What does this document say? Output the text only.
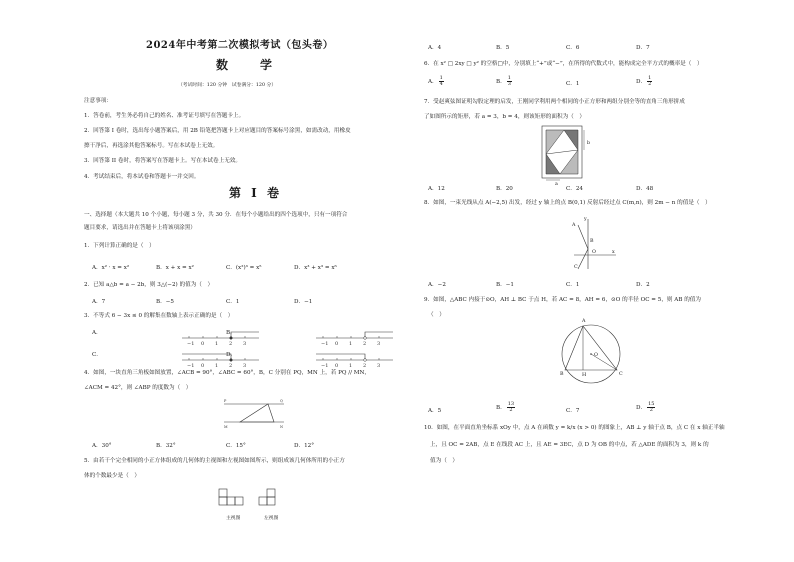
2024年中考第二次模拟考试（包头卷）
数　学
（考试时间：120 分钟　试卷满分：120 分）
注意事项：
1．答卷前，考生务必将自己的姓名、准考证号填写在答题卡上。
2．回答第 I 卷时，选出每小题答案后，用 2B 铅笔把答题卡上对应题目的答案标号涂黑，如需改动，用橡皮
擦干净后，再选涂其他答案标号。写在本试卷上无效。
3．回答第 II 卷时，将答案写在答题卡上。写在本试卷上无效。
4．考试结束后，将本试卷和答题卡一并交回。
第 I 卷
一、选择题（本大题共 10 个小题，每小题 3 分，共 30 分．在每个小题给出的四个选项中，只有一项符合
题目要求，请选出并在答题卡上将该项涂黑）
1．下列计算正确的是（　）
A．x² · x = x²	B．x + x = x²	C．(x²)³ = x⁵	D．x³ + x³ = x⁶
2．已知 a△b = a − 2b，则 3△(−2) 的值为（　）
A．7	B．−5	C．1	D．−1
3．不等式 6 − 3x ≤ 0 的解集在数轴上表示正确的是（　）
A．	B．
C．	D．
−1 0 1 2 3	−1 0 1 2 3
−1 0 1 2 3	−1 0 1 2 3
4．如图，一块直角三角板如图放置，∠ACB = 90°，∠ABC = 60°，B，C 分别在 PQ，MN 上，若 PQ // MN，
∠ACM = 42°，则 ∠ABP 的度数为（　）
P	Q
M	N
A．30°	B．32°	C．15°	D．12°
5．由若干个完全相同的小正方体组成的几何体的主视图和左视图如图所示，则组成该几何体所用的小正方
体的个数最少是（　）
主视图	左视图
A．4	B．5	C．6	D．7
6．在 x² □ 2xy □ y² 的空格□中，分别填上“+”或“−”，在所得的代数式中，能构成完全平方式的概率是（　）
A． $\frac{1}{4}$	B． $\frac{1}{3}$	C．1	D． $\frac{1}{2}$
7．受赵爽弦图证明勾股定理的启发，王刚同学利用两个相同的小正方形和两组分别全等的直角三角形拼成
了如图所示的矩形，若 a = 3，b = 4，则该矩形的面积为（　）
b
a
A．12	B．20	C．24	D．48
8．如图，一束光线从点 A(−2,5) 出发，经过 y 轴上的点 B(0,1) 反射后经过点 C(m,n)，则 2m − n 的值是（　）
A
B
O	x
y
C
A．−2	B．−1	C．1	D．2
9．如图，△ABC 内接于⊙O，AH ⊥ BC 于点 H，若 AC = 8，AH = 6，⊙O 的半径 OC = 5，则 AB 的值为
（　）
A
B	H	C
O
A．5	B． $\frac{13}{2}$	C．7	D． $\frac{15}{2}$
10．如图，在平面直角坐标系 xOy 中，点 A 在函数 y = k/x (x > 0) 的图象上，AB ⊥ y 轴于点 B，点 C 在 x 轴正半轴
上，且 OC = 2AB，点 E 在线段 AC 上，且 AE = 3EC，点 D 为 OB 的中点，若 △ADE 的面积为 3，则 k 的
值为（　）
